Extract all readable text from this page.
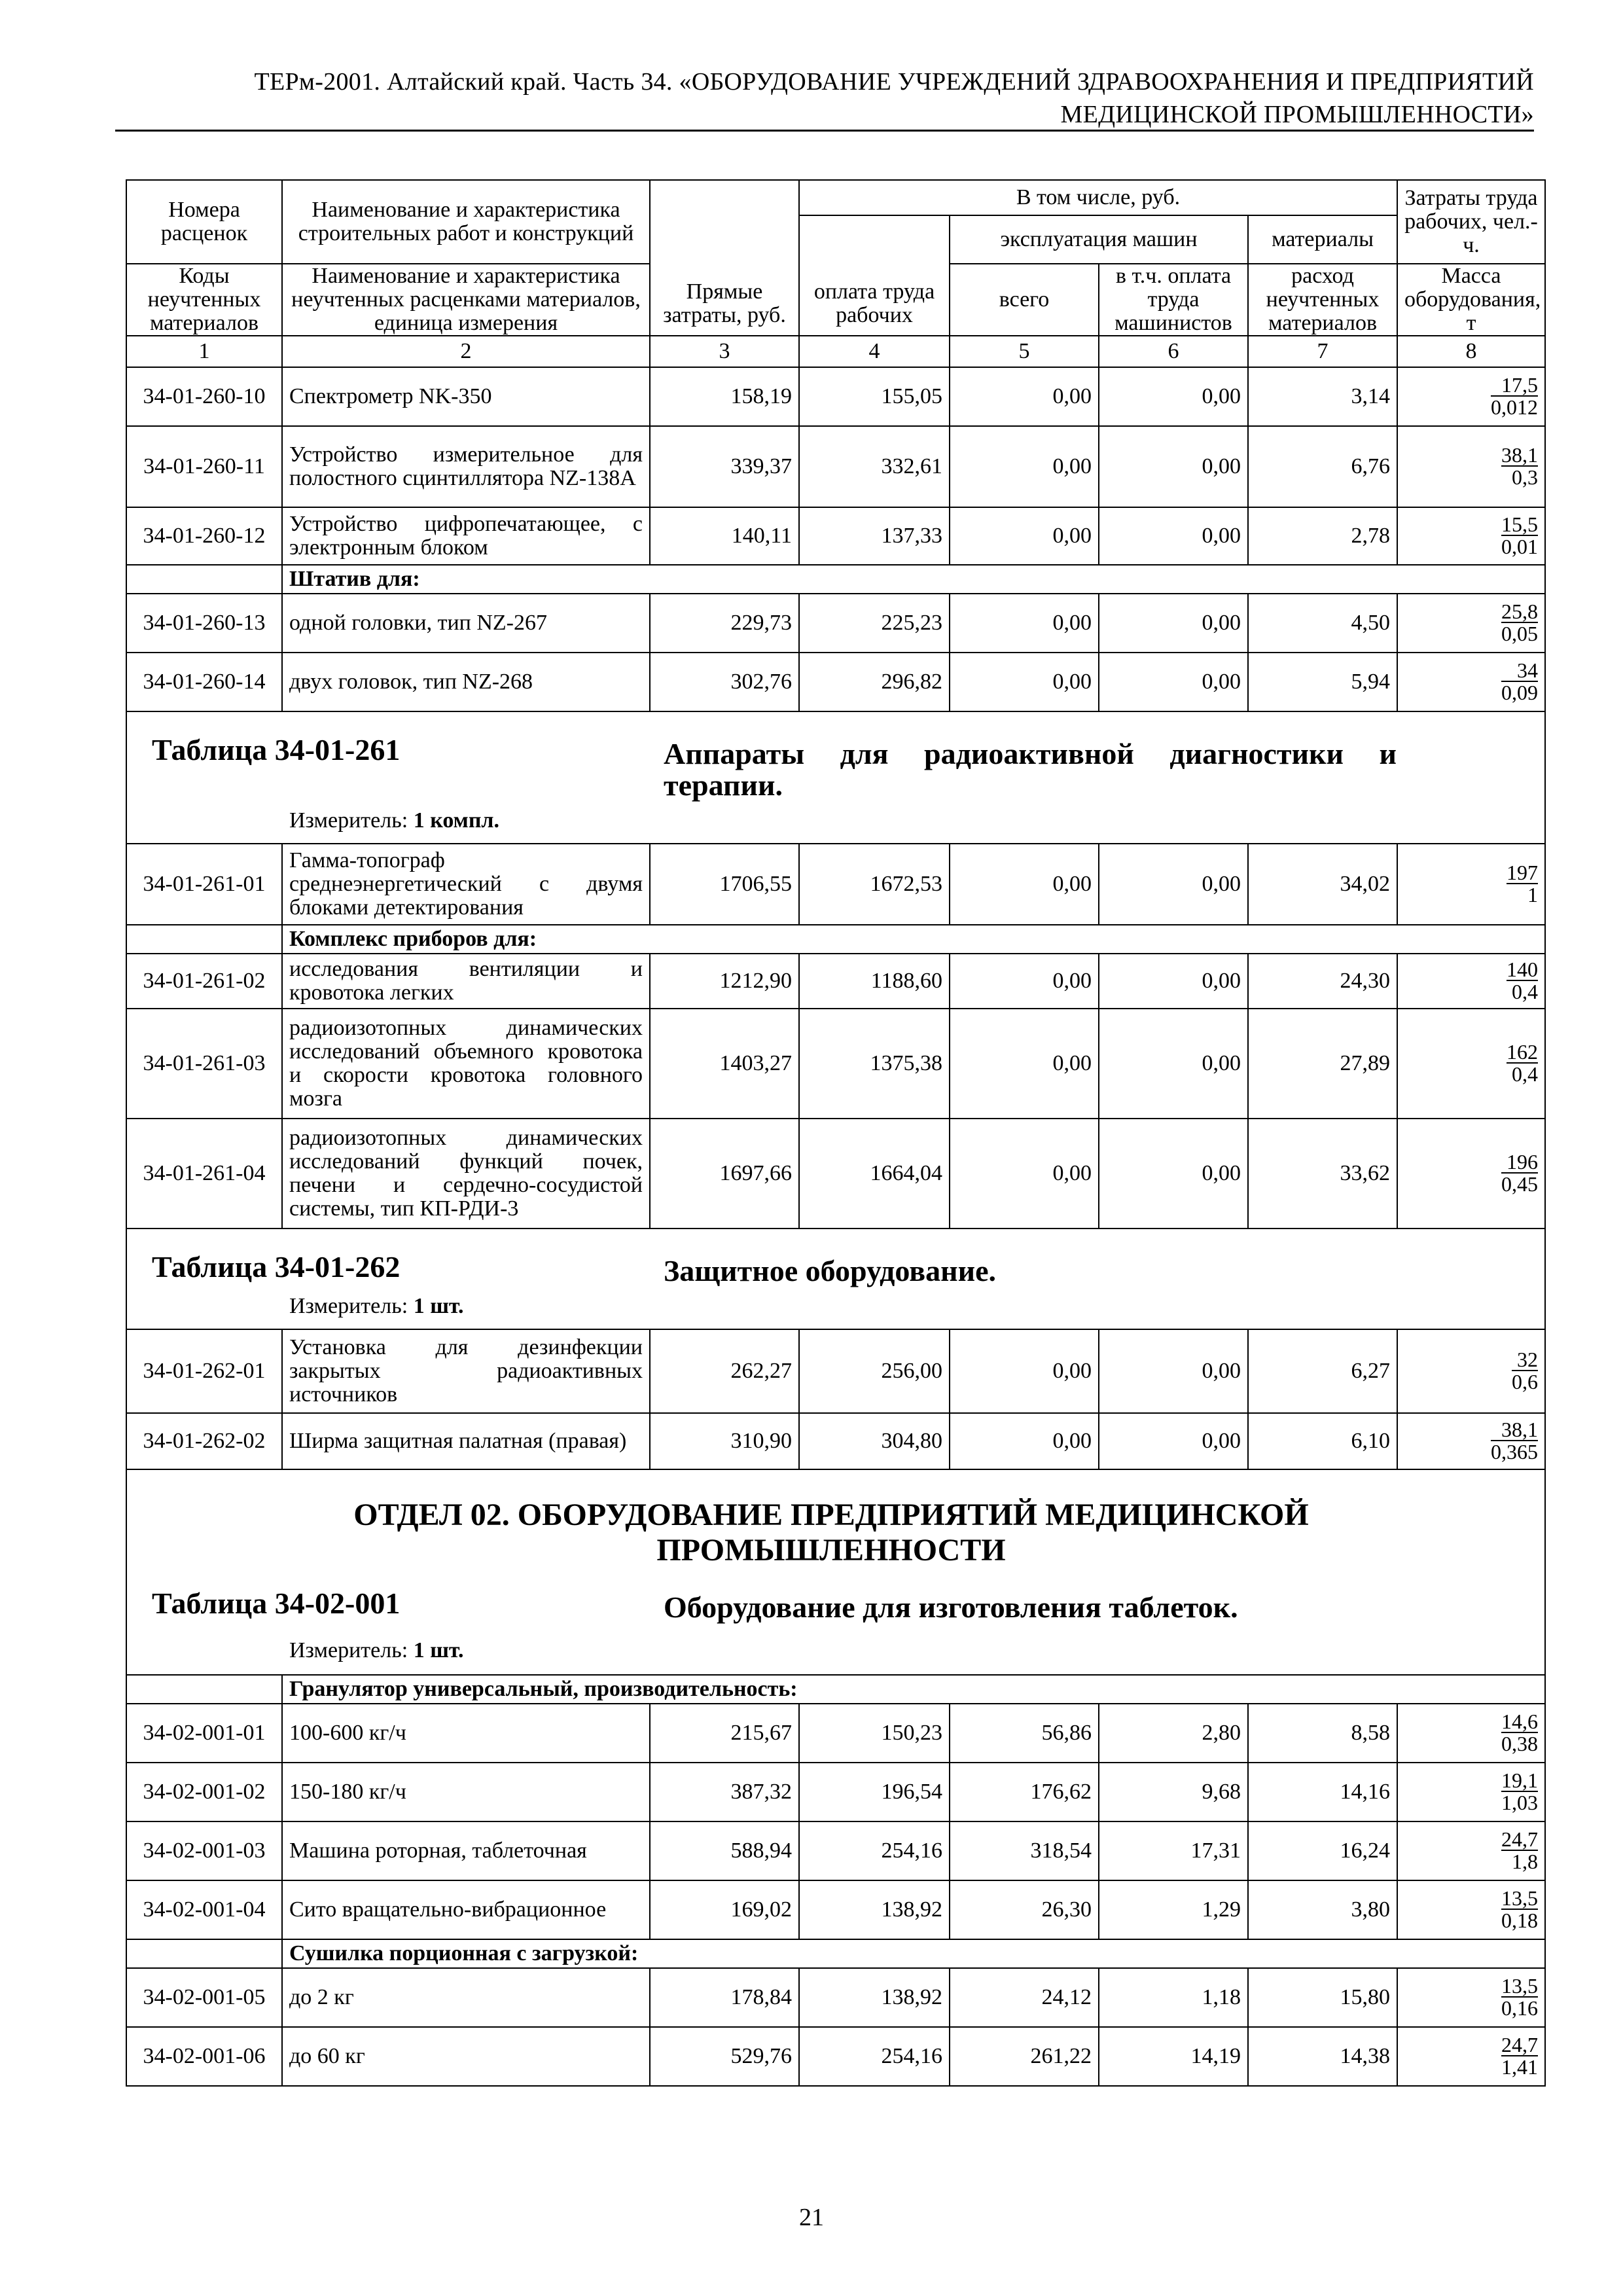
ТЕРм-2001. Алтайский край. Часть 34. «ОБОРУДОВАНИЕ УЧРЕЖДЕНИЙ ЗДРАВООХРАНЕНИЯ И ПРЕДПРИЯТИЙ
МЕДИЦИНСКОЙ ПРОМЫШЛЕННОСТИ»
Номера расценок	Наименование и характеристика строительных работ и конструкций	Прямые затраты, руб.	В том числе, руб.				Затраты труда рабочих, чел.-ч.
			оплата труда рабочих	эксплуатация машин		материалы	
Коды неучтенных материалов	Наименование и характеристика неучтенных расценками материалов, единица измерения			всего	в т.ч. оплата труда машинистов	расход неучтенных материалов	Масса оборудования, т
1	2	3	4	5	6	7	8
34-01-260-10	Спектрометр NK-350	158,19	155,05	0,00	0,00	3,14	$\frac{17,5}{0,012}$

34-01-260-11	Устройство измерительное для полостного сцинтиллятора NZ-138А	339,37	332,61	0,00	0,00	6,76	$\frac{38,1}{0,3}$

34-01-260-12	Устройство цифропечатающее, с электронным блоком	140,11	137,33	0,00	0,00	2,78	$\frac{15,5}{0,01}$

	Штатив для:						
34-01-260-13	одной головки, тип NZ-267	229,73	225,23	0,00	0,00	4,50	$\frac{25,8}{0,05}$

34-01-260-14	двух головок, тип NZ-268	302,76	296,82	0,00	0,00	5,94	$\frac{34}{0,09}$

Таблица 34-01-261 Аппараты для радиоактивной диагностики и терапии.
Измеритель: 1 компл.							

34-01-261-01	Гамма-топограф среднеэнергетический с двумя блоками детектирования	1706,55	1672,53	0,00	0,00	34,02	$\frac{197}{1}$

	Комплекс приборов для:						
34-01-261-02	исследования вентиляции и кровотока легких	1212,90	1188,60	0,00	0,00	24,30	$\frac{140}{0,4}$

34-01-261-03	радиоизотопных динамических исследований объемного кровотока и скорости кровотока головного мозга	1403,27	1375,38	0,00	0,00	27,89	$\frac{162}{0,4}$

34-01-261-04	радиоизотопных динамических исследований функций почек, печени и сердечно-сосудистой системы, тип КП-РДИ-3	1697,66	1664,04	0,00	0,00	33,62	$\frac{196}{0,45}$

Таблица 34-01-262 Защитное оборудование.
Измеритель: 1 шт.							

34-01-262-01	Установка для дезинфекции закрытых радиоактивных источников	262,27	256,00	0,00	0,00	6,27	$\frac{32}{0,6}$

34-01-262-02	Ширма защитная палатная (правая)	310,90	304,80	0,00	0,00	6,10	$\frac{38,1}{0,365}$

ОТДЕЛ 02. ОБОРУДОВАНИЕ ПРЕДПРИЯТИЙ МЕДИЦИНСКОЙ
ПРОМЫШЛЕННОСТИ
Таблица 34-02-001 Оборудование для изготовления таблеток.
Измеритель: 1 шт.							

	Гранулятор универсальный, производительность:						
34-02-001-01	100-600 кг/ч	215,67	150,23	56,86	2,80	8,58	$\frac{14,6}{0,38}$

34-02-001-02	150-180 кг/ч	387,32	196,54	176,62	9,68	14,16	$\frac{19,1}{1,03}$

34-02-001-03	Машина роторная, таблеточная	588,94	254,16	318,54	17,31	16,24	$\frac{24,7}{1,8}$

34-02-001-04	Сито вращательно-вибрационное	169,02	138,92	26,30	1,29	3,80	$\frac{13,5}{0,18}$

	Сушилка порционная с загрузкой:						
34-02-001-05	до 2 кг	178,84	138,92	24,12	1,18	15,80	$\frac{13,5}{0,16}$

34-02-001-06	до 60 кг	529,76	254,16	261,22	14,19	14,38	$\frac{24,7}{1,41}$
21
